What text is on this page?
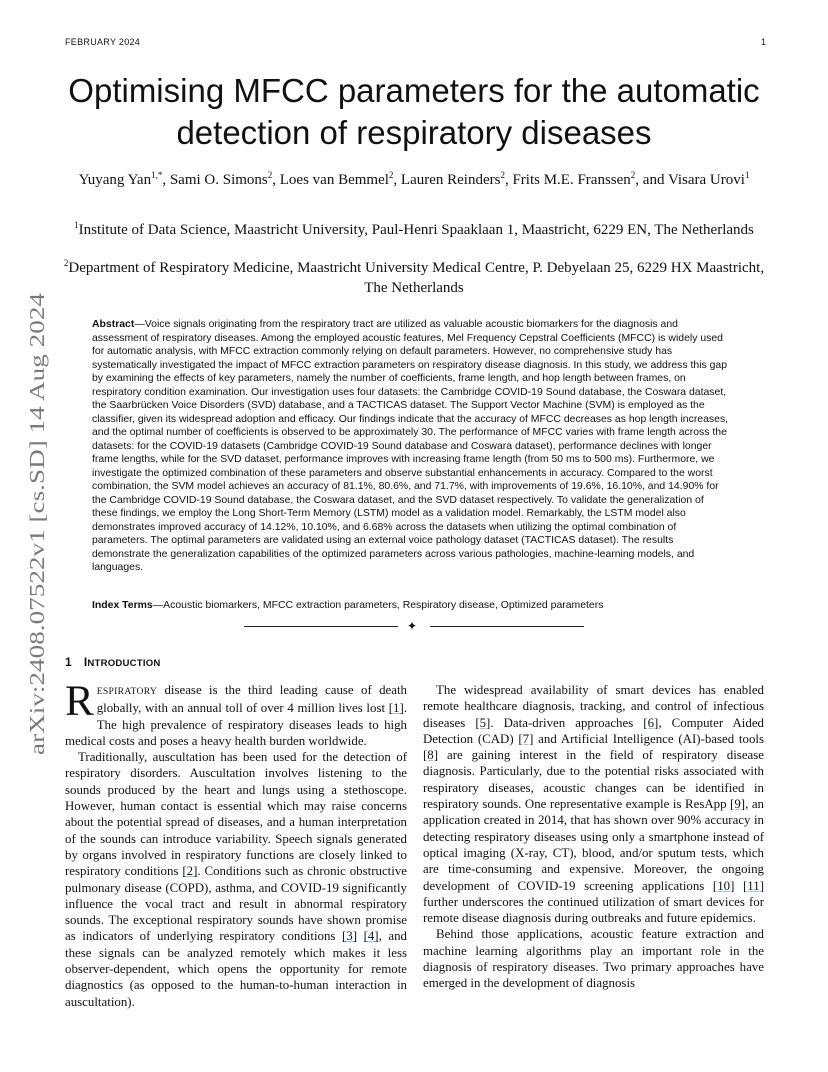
FEBRUARY 2024	1
arXiv:2408.07522v1 [cs.SD] 14 Aug 2024
Optimising MFCC parameters for the automatic detection of respiratory diseases
Yuyang Yan$^{1,*}$, Sami O. Simons$^2$, Loes van Bemmel$^2$, Lauren Reinders$^2$, Frits M.E. Franssen$^2$, and Visara Urovi$^1$
$^1$Institute of Data Science, Maastricht University, Paul-Henri Spaaklaan 1, Maastricht, 6229 EN, The Netherlands
$^2$Department of Respiratory Medicine, Maastricht University Medical Centre, P. Debyelaan 25, 6229 HX Maastricht, The Netherlands
Abstract—Voice signals originating from the respiratory tract are utilized as valuable acoustic biomarkers for the diagnosis and assessment of respiratory diseases. Among the employed acoustic features, Mel Frequency Cepstral Coefficients (MFCC) is widely used for automatic analysis, with MFCC extraction commonly relying on default parameters. However, no comprehensive study has systematically investigated the impact of MFCC extraction parameters on respiratory disease diagnosis. In this study, we address this gap by examining the effects of key parameters, namely the number of coefficients, frame length, and hop length between frames, on respiratory condition examination. Our investigation uses four datasets: the Cambridge COVID-19 Sound database, the Coswara dataset, the Saarbrücken Voice Disorders (SVD) database, and a TACTICAS dataset. The Support Vector Machine (SVM) is employed as the classifier, given its widespread adoption and efficacy. Our findings indicate that the accuracy of MFCC decreases as hop length increases, and the optimal number of coefficients is observed to be approximately 30. The performance of MFCC varies with frame length across the datasets: for the COVID-19 datasets (Cambridge COVID-19 Sound database and Coswara dataset), performance declines with longer frame lengths, while for the SVD dataset, performance improves with increasing frame length (from 50 ms to 500 ms). Furthermore, we investigate the optimized combination of these parameters and observe substantial enhancements in accuracy. Compared to the worst combination, the SVM model achieves an accuracy of 81.1%, 80.6%, and 71.7%, with improvements of 19.6%, 16.10%, and 14.90% for the Cambridge COVID-19 Sound database, the Coswara dataset, and the SVD dataset respectively. To validate the generalization of these findings, we employ the Long Short-Term Memory (LSTM) model as a validation model. Remarkably, the LSTM model also demonstrates improved accuracy of 14.12%, 10.10%, and 6.68% across the datasets when utilizing the optimal combination of parameters. The optimal parameters are validated using an external voice pathology dataset (TACTICAS dataset). The results demonstrate the generalization capabilities of the optimized parameters across various pathologies, machine-learning models, and languages.
Index Terms—Acoustic biomarkers, MFCC extraction parameters, Respiratory disease, Optimized parameters
✦
1 INTRODUCTION

RESPIRATORY disease is the third leading cause of death globally, with an annual toll of over 4 million lives lost [1]. The high prevalence of respiratory diseases leads to high medical costs and poses a heavy health burden worldwide.

Traditionally, auscultation has been used for the detection of respiratory disorders. Auscultation involves listening to the sounds produced by the heart and lungs using a stethoscope. However, human contact is essential which may raise concerns about the potential spread of diseases, and a human interpretation of the sounds can introduce variability. Speech signals generated by organs involved in respiratory functions are closely linked to respiratory conditions [2]. Conditions such as chronic obstructive pulmonary disease (COPD), asthma, and COVID-19 significantly influence the vocal tract and result in abnormal respiratory sounds. The exceptional respiratory sounds have shown promise as indicators of underlying respiratory conditions [3] [4], and these signals can be analyzed remotely which makes it less observer-dependent, which opens the opportunity for remote diagnostics (as opposed to the human-to-human interaction in auscultation).

The widespread availability of smart devices has enabled remote healthcare diagnosis, tracking, and control of infectious diseases [5]. Data-driven approaches [6], Computer Aided Detection (CAD) [7] and Artificial Intelligence (AI)-based tools [8] are gaining interest in the field of respiratory disease diagnosis. Particularly, due to the potential risks associated with respiratory diseases, acoustic changes can be identified in respiratory sounds. One representative example is ResApp [9], an application created in 2014, that has shown over 90% accuracy in detecting respiratory diseases using only a smartphone instead of optical imaging (X-ray, CT), blood, and/or sputum tests, which are time-consuming and expensive. Moreover, the ongoing development of COVID-19 screening applications [10] [11] further underscores the continued utilization of smart devices for remote disease diagnosis during outbreaks and future epidemics.

Behind those applications, acoustic feature extraction and machine learning algorithms play an important role in the diagnosis of respiratory diseases. Two primary approaches have emerged in the development of diagnosis
